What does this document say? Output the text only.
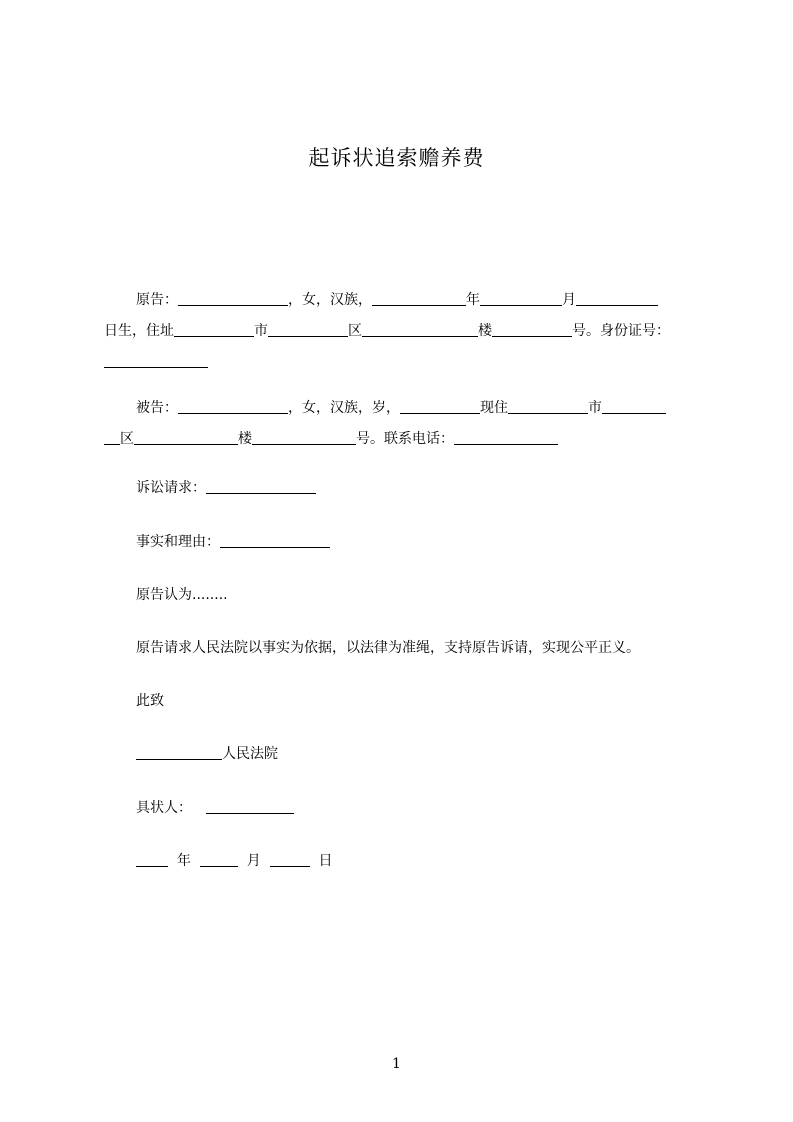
起诉状追索赡养费
原告：	，女，汉族，	年	月
日生，住址	市	区	楼	号。身份证号：
被告：	，女，汉族，岁，	现住	市
区	楼	号。联系电话：
诉讼请求：
事实和理由：
原告认为........
原告请求人民法院以事实为依据，以法律为准绳，支持原告诉请，实现公平正义。
此致
人民法院
具状人：
年	月	日
1
